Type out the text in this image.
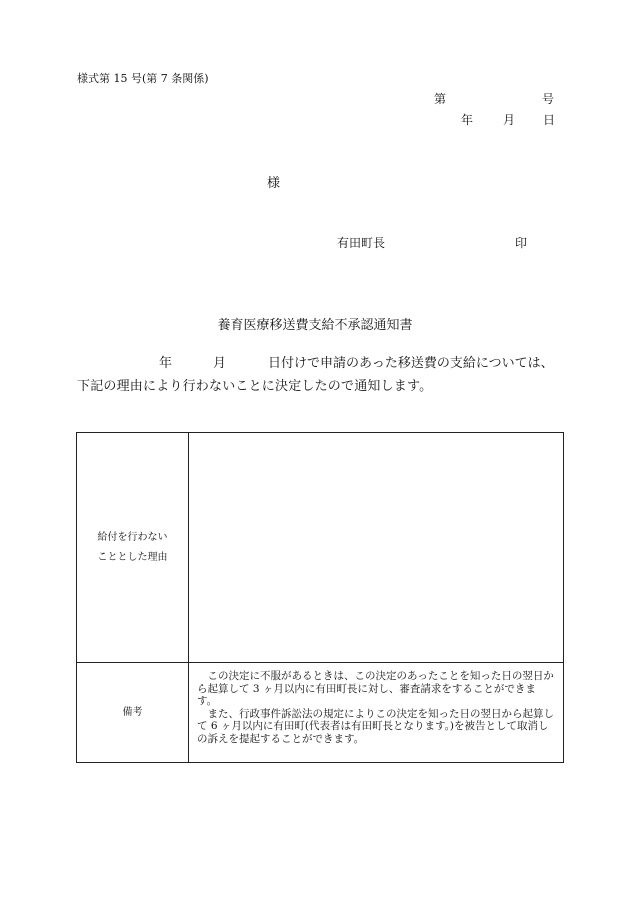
様式第 15 号(第 7 条関係)
第	号
年 月 日
様
有田町長	印
養育医療移送費支給不承認通知書
年	月	日付けで申請のあった移送費の支給については、
下記の理由により行わないことに決定したので通知します。
給付を行わない
こととした理由	

備考	この決定に不服があるときは、この決定のあったことを知った日の翌日から起算して 3 ヶ月以内に有田町長に対し、審査請求をすることができます。

また、行政事件訴訟法の規定によりこの決定を知った日の翌日から起算して 6 ヶ月以内に有田町(代表者は有田町長となります。)を被告として取消しの訴えを提起することができます。
